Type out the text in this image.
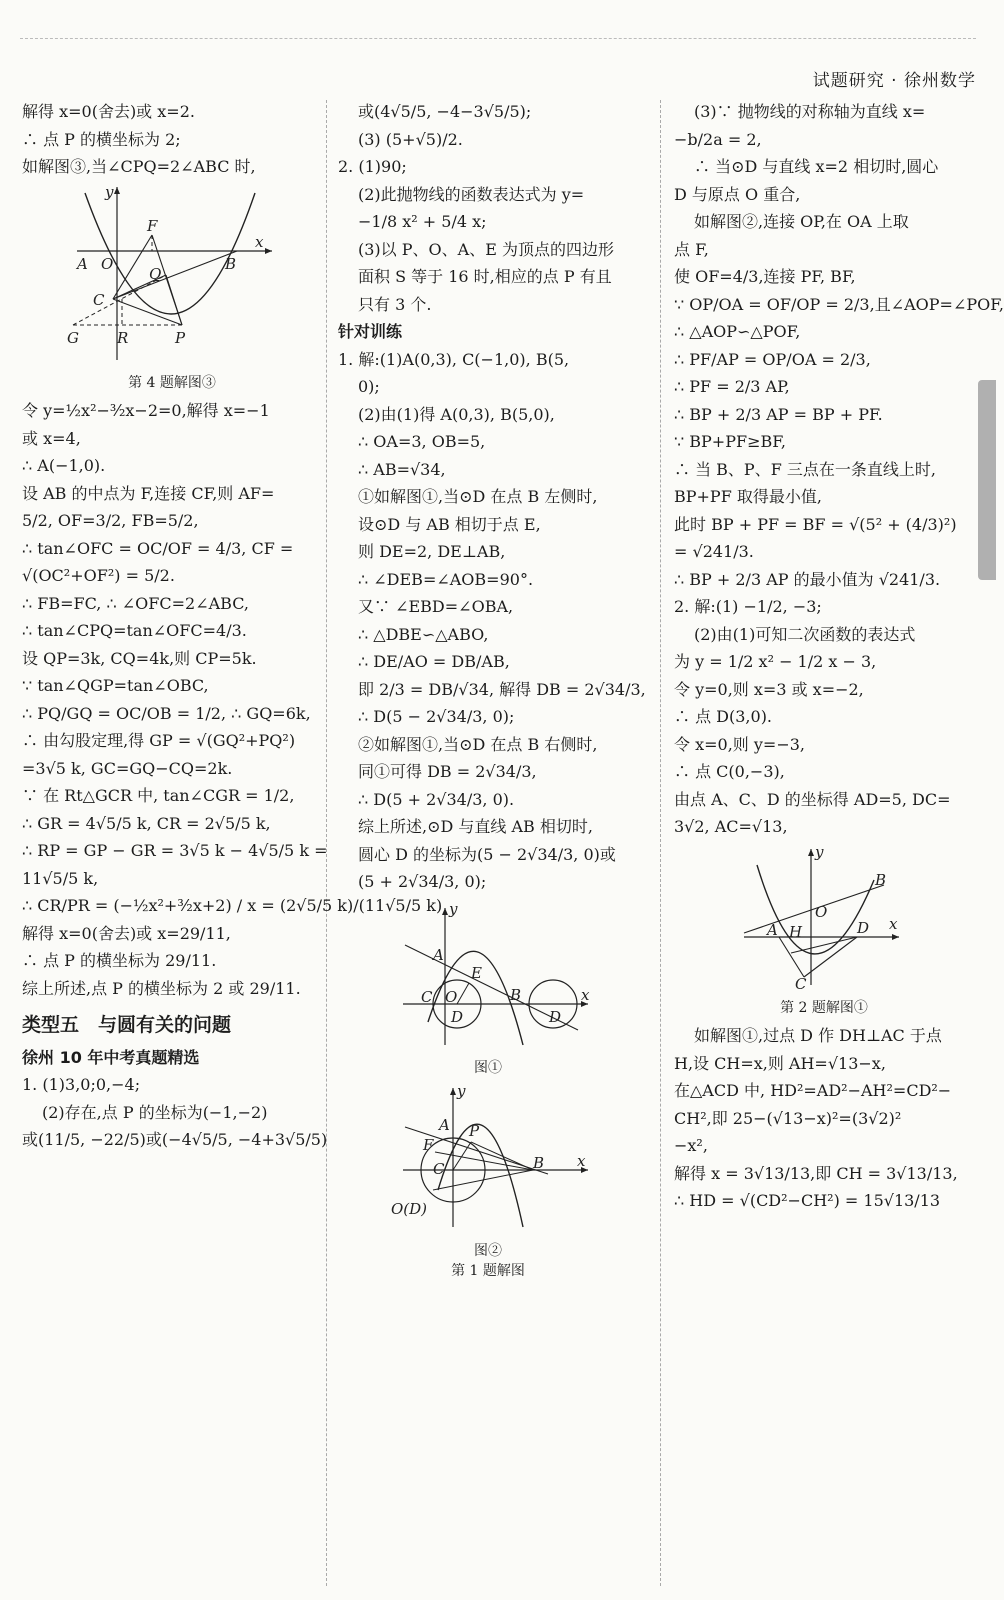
试题研究 · 徐州数学
解得 x=0(舍去)或 x=2.
∴ 点 P 的横坐标为 2;
如解图③,当∠CPQ=2∠ABC 时,
y
x
A O
F
B
Q
C
G	R	P
第 4 题解图③
令 y=½x²−³⁄₂x−2=0,解得 x=−1
或 x=4,
∴ A(−1,0).
设 AB 的中点为 F,连接 CF,则 AF=
5/2, OF=3/2, FB=5/2,
∴ tan∠OFC = OC/OF = 4/3, CF =
√(OC²+OF²) = 5/2.
∴ FB=FC, ∴ ∠OFC=2∠ABC,
∴ tan∠CPQ=tan∠OFC=4/3.
设 QP=3k, CQ=4k,则 CP=5k.
∵ tan∠QGP=tan∠OBC,
∴ PQ/GQ = OC/OB = 1/2, ∴ GQ=6k,
∴ 由勾股定理,得 GP = √(GQ²+PQ²)
=3√5 k, GC=GQ−CQ=2k.
∵ 在 Rt△GCR 中, tan∠CGR = 1/2,
∴ GR = 4√5/5 k, CR = 2√5/5 k,
∴ RP = GP − GR = 3√5 k − 4√5/5 k =
11√5/5 k,
∴ CR/PR = (−½x²+³⁄₂x+2) / x = (2√5/5 k)/(11√5/5 k)
解得 x=0(舍去)或 x=29/11,
∴ 点 P 的横坐标为 29/11.
综上所述,点 P 的横坐标为 2 或 29/11.
类型五　与圆有关的问题
徐州 10 年中考真题精选
1. (1)3,0;0,−4;
(2)存在,点 P 的坐标为(−1,−2)
或(11/5, −22/5)或(−4√5/5, −4+3√5/5)
或(4√5/5, −4−3√5/5);
(3) (5+√5)/2.
2. (1)90;
(2)此抛物线的函数表达式为 y=
−1/8 x² + 5/4 x;
(3)以 P、O、A、E 为顶点的四边形
面积 S 等于 16 时,相应的点 P 有且
只有 3 个.
针对训练
1. 解:(1)A(0,3), C(−1,0), B(5,
0);
(2)由(1)得 A(0,3), B(5,0),
∴ OA=3, OB=5,
∴ AB=√34,
①如解图①,当⊙D 在点 B 左侧时,
设⊙D 与 AB 相切于点 E,
则 DE=2, DE⊥AB,
∴ ∠DEB=∠AOB=90°.
又∵ ∠EBD=∠OBA,
∴ △DBE∽△ABO,
∴ DE/AO = DB/AB,
即 2/3 = DB/√34, 解得 DB = 2√34/3,
∴ D(5 − 2√34/3, 0);
②如解图①,当⊙D 在点 B 右侧时,
同①可得 DB = 2√34/3,
∴ D(5 + 2√34/3, 0).
综上所述,⊙D 与直线 AB 相切时,
圆心 D 的坐标为(5 − 2√34/3, 0)或
(5 + 2√34/3, 0);
y
A
E
C O
D
B
D
x
图①
y
A P
F
C	B x
O(D)
图②
第 1 题解图
(3)∵ 抛物线的对称轴为直线 x=
−b/2a = 2,
∴ 当⊙D 与直线 x=2 相切时,圆心
D 与原点 O 重合,
如解图②,连接 OP,在 OA 上取
点 F,
使 OF=4/3,连接 PF, BF,
∵ OP/OA = OF/OP = 2/3,且∠AOP=∠POF,
∴ △AOP∽△POF,
∴ PF/AP = OP/OA = 2/3,
∴ PF = 2/3 AP,
∴ BP + 2/3 AP = BP + PF.
∵ BP+PF≥BF,
∴ 当 B、P、F 三点在一条直线上时,
BP+PF 取得最小值,
此时 BP + PF = BF = √(5² + (4/3)²)
= √241/3.
∴ BP + 2/3 AP 的最小值为 √241/3.
2. 解:(1) −1/2, −3;
(2)由(1)可知二次函数的表达式
为 y = 1/2 x² − 1/2 x − 3,
令 y=0,则 x=3 或 x=−2,
∴ 点 D(3,0).
令 x=0,则 y=−3,
∴ 点 C(0,−3),
由点 A、C、D 的坐标得 AD=5, DC=
3√2, AC=√13,
y
B
O
A H	D x
C
第 2 题解图①
如解图①,过点 D 作 DH⊥AC 于点
H,设 CH=x,则 AH=√13−x,
在△ACD 中, HD²=AD²−AH²=CD²−
CH²,即 25−(√13−x)²=(3√2)²
−x²,
解得 x = 3√13/13,即 CH = 3√13/13,
∴ HD = √(CD²−CH²) = 15√13/13
